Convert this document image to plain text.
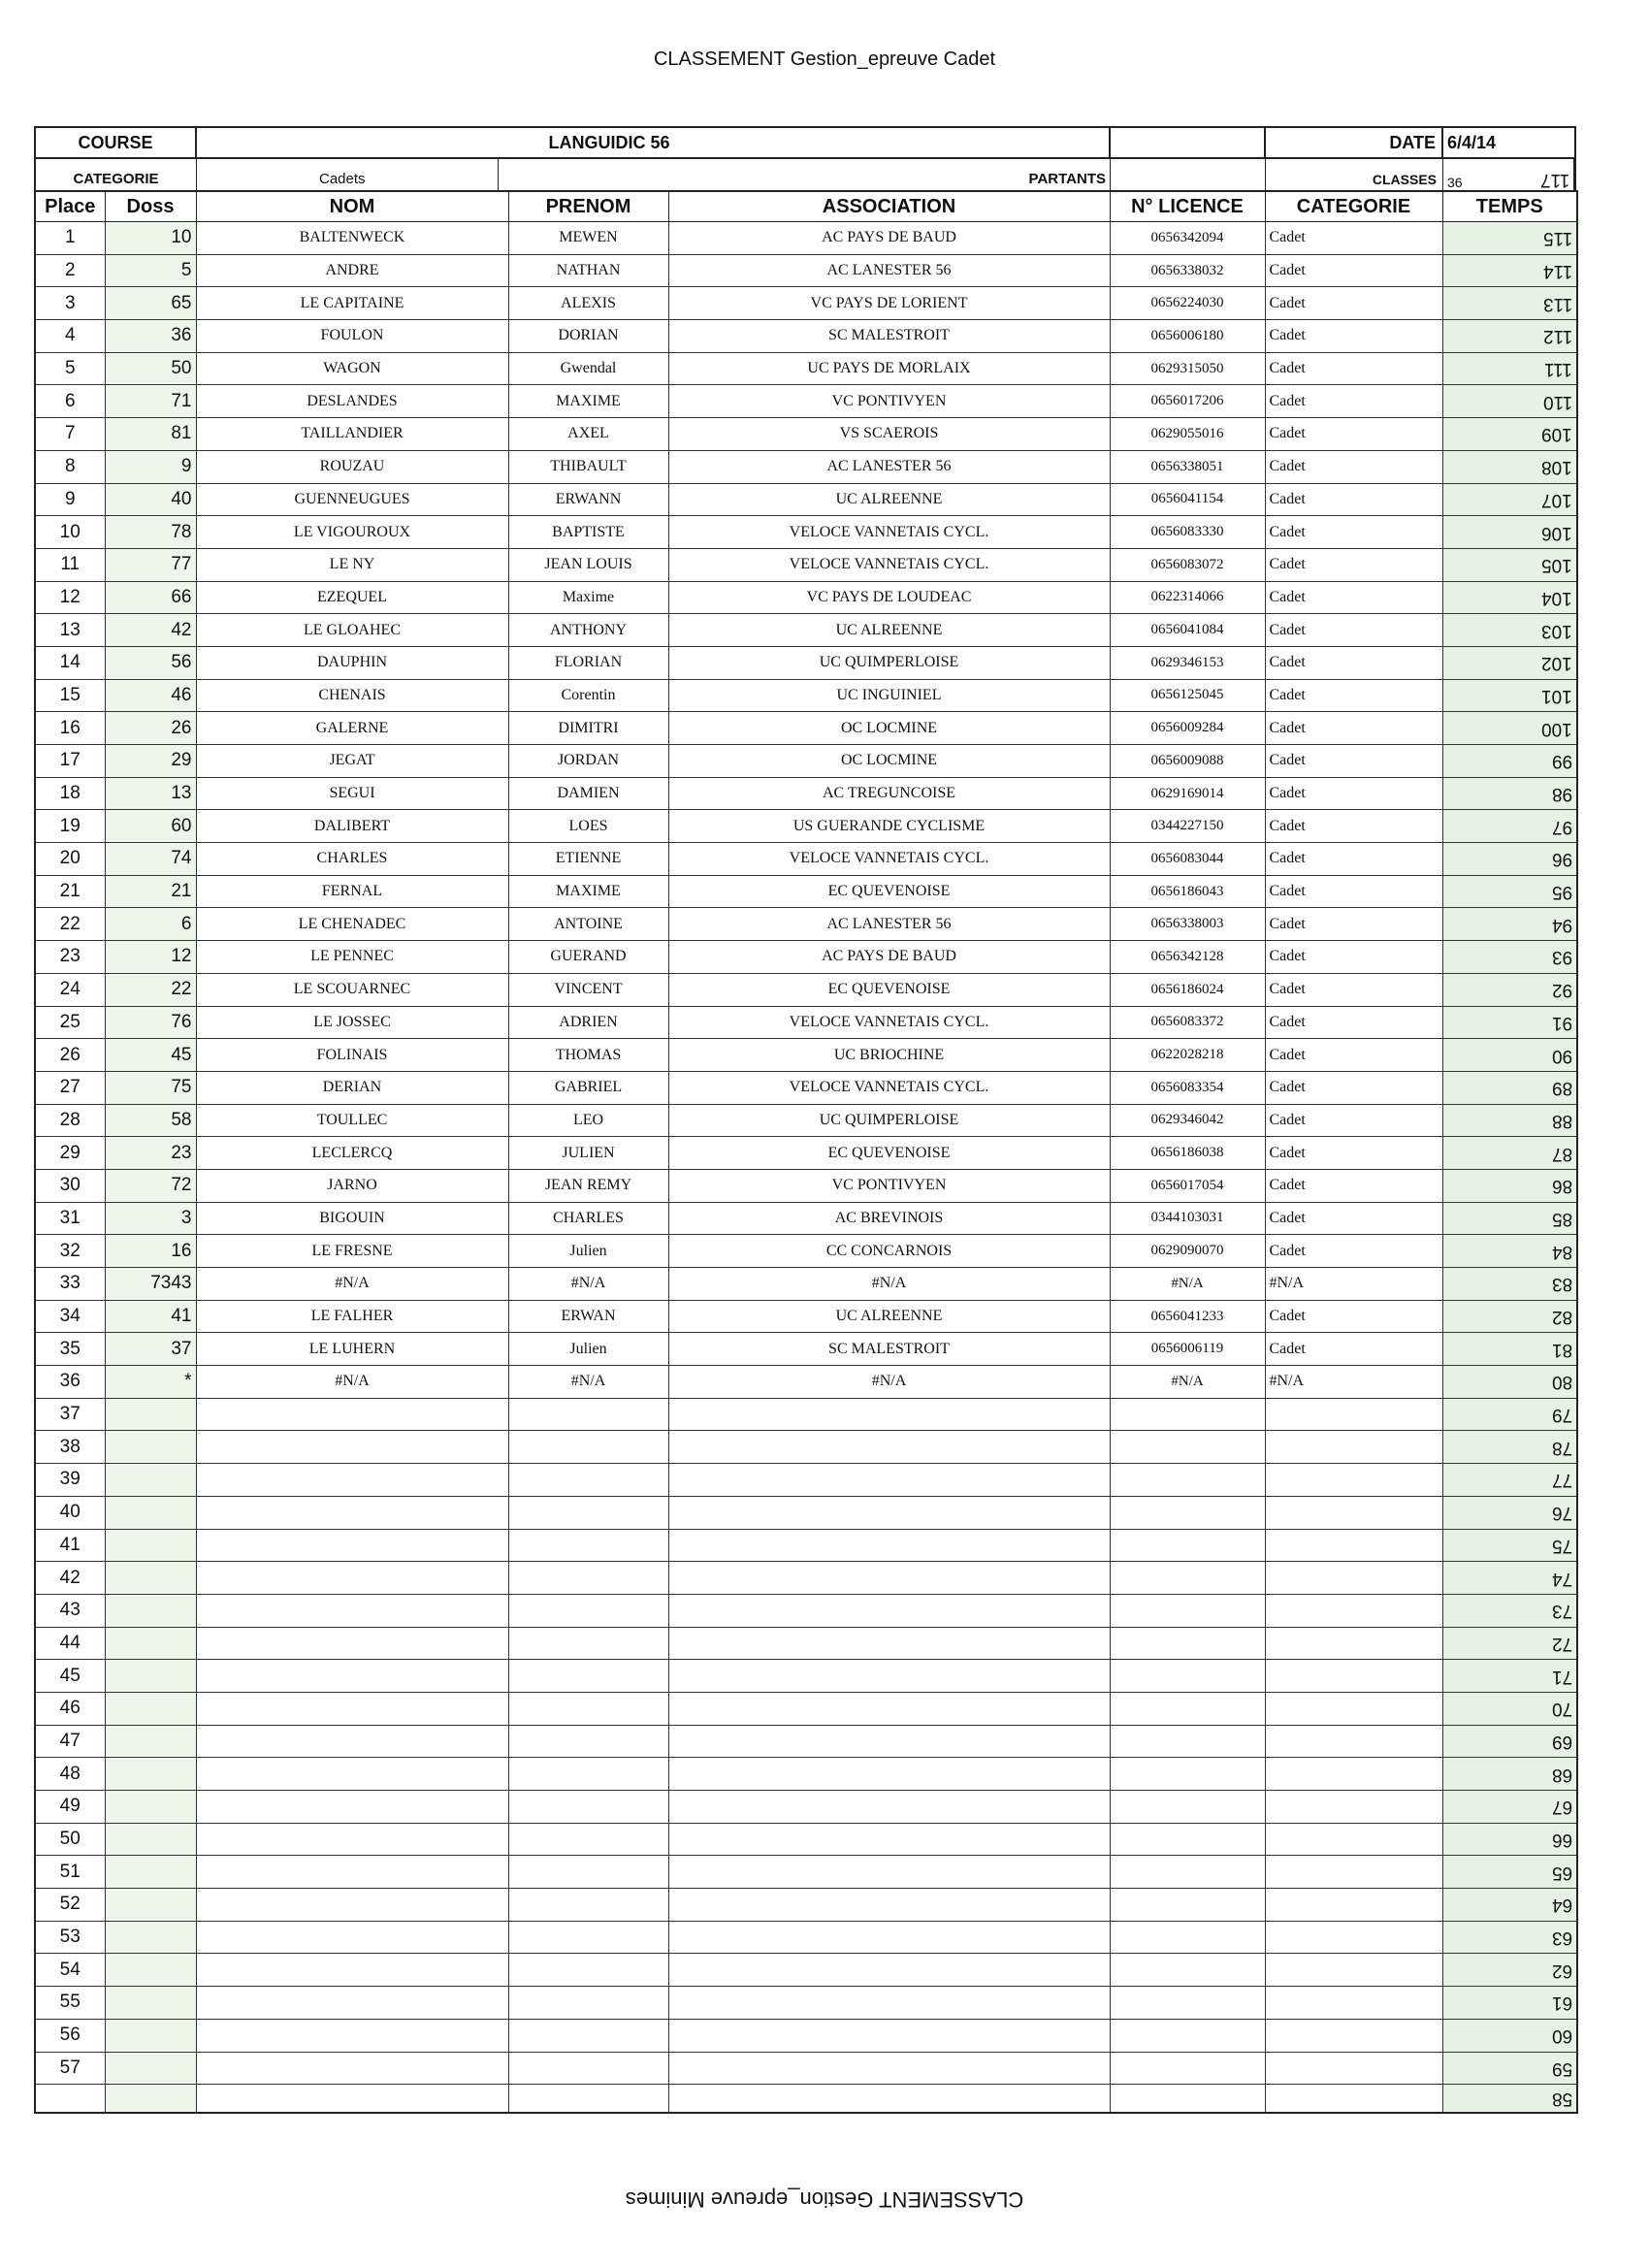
CLASSEMENT Gestion_epreuve Cadet
COURSE	LANGUIDIC 56	DATE 6/4/14
CATEGORIE	Cadets	PARTANTS	CLASSES 36	117
Place	Doss	NOM	PRENOM	ASSOCIATION	N° LICENCE	CATEGORIE	TEMPS
1	10	BALTENWECK	MEWEN	AC PAYS DE BAUD	0656342094	Cadet	115
2	5	ANDRE	NATHAN	AC LANESTER 56	0656338032	Cadet	114
3	65	LE CAPITAINE	ALEXIS	VC PAYS DE LORIENT	0656224030	Cadet	113
4	36	FOULON	DORIAN	SC MALESTROIT	0656006180	Cadet	112
5	50	WAGON	Gwendal	UC PAYS DE MORLAIX	0629315050	Cadet	111
6	71	DESLANDES	MAXIME	VC PONTIVYEN	0656017206	Cadet	110
7	81	TAILLANDIER	AXEL	VS SCAEROIS	0629055016	Cadet	109
8	9	ROUZAU	THIBAULT	AC LANESTER 56	0656338051	Cadet	108
9	40	GUENNEUGUES	ERWANN	UC ALREENNE	0656041154	Cadet	107
10	78	LE VIGOUROUX	BAPTISTE	VELOCE VANNETAIS CYCL.	0656083330	Cadet	106
11	77	LE NY	JEAN LOUIS	VELOCE VANNETAIS CYCL.	0656083072	Cadet	105
12	66	EZEQUEL	Maxime	VC PAYS DE LOUDEAC	0622314066	Cadet	104
13	42	LE GLOAHEC	ANTHONY	UC ALREENNE	0656041084	Cadet	103
14	56	DAUPHIN	FLORIAN	UC QUIMPERLOISE	0629346153	Cadet	102
15	46	CHENAIS	Corentin	UC INGUINIEL	0656125045	Cadet	101
16	26	GALERNE	DIMITRI	OC LOCMINE	0656009284	Cadet	100
17	29	JEGAT	JORDAN	OC LOCMINE	0656009088	Cadet	99
18	13	SEGUI	DAMIEN	AC TREGUNCOISE	0629169014	Cadet	98
19	60	DALIBERT	LOES	US GUERANDE CYCLISME	0344227150	Cadet	97
20	74	CHARLES	ETIENNE	VELOCE VANNETAIS CYCL.	0656083044	Cadet	96
21	21	FERNAL	MAXIME	EC QUEVENOISE	0656186043	Cadet	95
22	6	LE CHENADEC	ANTOINE	AC LANESTER 56	0656338003	Cadet	94
23	12	LE PENNEC	GUERAND	AC PAYS DE BAUD	0656342128	Cadet	93
24	22	LE SCOUARNEC	VINCENT	EC QUEVENOISE	0656186024	Cadet	92
25	76	LE JOSSEC	ADRIEN	VELOCE VANNETAIS CYCL.	0656083372	Cadet	91
26	45	FOLINAIS	THOMAS	UC BRIOCHINE	0622028218	Cadet	90
27	75	DERIAN	GABRIEL	VELOCE VANNETAIS CYCL.	0656083354	Cadet	89
28	58	TOULLEC	LEO	UC QUIMPERLOISE	0629346042	Cadet	88
29	23	LECLERCQ	JULIEN	EC QUEVENOISE	0656186038	Cadet	87
30	72	JARNO	JEAN REMY	VC PONTIVYEN	0656017054	Cadet	86
31	3	BIGOUIN	CHARLES	AC BREVINOIS	0344103031	Cadet	85
32	16	LE FRESNE	Julien	CC CONCARNOIS	0629090070	Cadet	84
33	7343	#N/A	#N/A	#N/A	#N/A	#N/A	83
34	41	LE FALHER	ERWAN	UC ALREENNE	0656041233	Cadet	82
35	37	LE LUHERN	Julien	SC MALESTROIT	0656006119	Cadet	81
36	*	#N/A	#N/A	#N/A	#N/A	#N/A	80
37							79
38							78
39							77
40							76
41							75
42							74
43							73
44							72
45							71
46							70
47							69
48							68
49							67
50							66
51							65
52							64
53							63
54							62
55							61
56							60
57							59
							58
CLASSEMENT Gestion_epreuve Minimes
